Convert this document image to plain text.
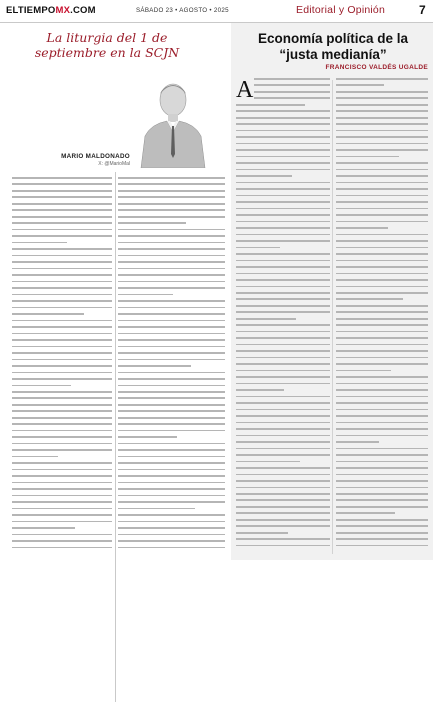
ELTIEMPOMX.COM	SÁBADO 23 • AGOSTO • 2025	Editorial y Opinión	7
La liturgia del 1 de septiembre en la SCJN
MARIO MALDONADO
X: @MarioMal
Economía política de la
“justa medianía”
FRANCISCO VALDÉS UGALDE
A
